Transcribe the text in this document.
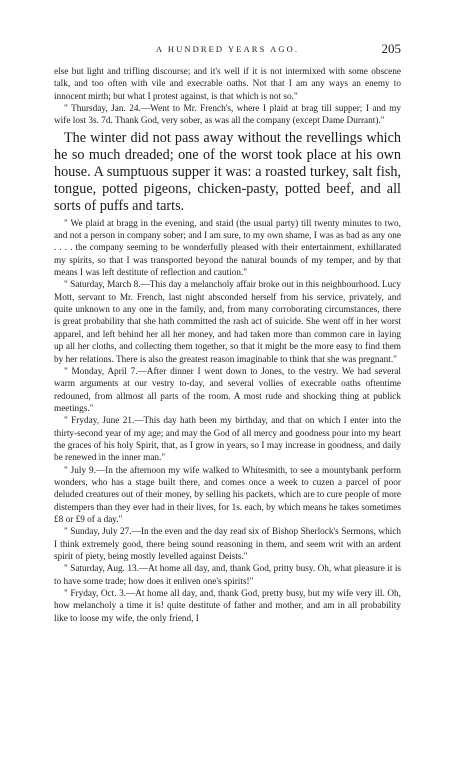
A HUNDRED YEARS AGO.	205

else but light and trifling discourse; and it's well if it is not intermixed with some obscene talk, and too often with vile and execrable oaths. Not that I am any ways an enemy to innocent mirth; but what I protest against, is that which is not so."

" Thursday, Jan. 24.—Went to Mr. French's, where I plaid at brag till supper; I and my wife lost 3s. 7d. Thank God, very sober, as was all the company (except Dame Durrant)."

The winter did not pass away without the revellings which he so much dreaded; one of the worst took place at his own house. A sumptuous supper it was: a roasted turkey, salt fish, tongue, potted pigeons, chicken-pasty, potted beef, and all sorts of puffs and tarts.

" We plaid at bragg in the evening, and staid (the usual party) till twenty minutes to two, and not a person in company sober; and I am sure, to my own shame, I was as bad as any one . . . . the company seeming to be wonderfully pleased with their entertainment, exhillarated my spirits, so that I was transported beyond the natural bounds of my temper, and by that means I was left destitute of reflection and caution."

" Saturday, March 8.—This day a melancholy affair broke out in this neighbourhood. Lucy Mott, servant to Mr. French, last night absconded herself from his service, privately, and quite unknown to any one in the family, and, from many corroborating circumstances, there is great probability that she hath committed the rash act of suicide. She went off in her worst apparel, and left behind her all her money, and had taken more than common care in laying up all her cloths, and collecting them together, so that it might be the more easy to find them by her relations. There is also the greatest reason imaginable to think that she was pregnant."

" Monday, April 7.—After dinner I went down to Jones, to the vestry. We had several warm arguments at our vestry to-day, and several vollies of execrable oaths oftentime redouned, from allmost all parts of the room. A most rude and shocking thing at publick meetings."

" Fryday, June 21.—This day hath been my birthday, and that on which I enter into the thirty-second year of my age; and may the God of all mercy and goodness pour into my heart the graces of his holy Spirit, that, as I grow in years, so I may increase in goodness, and daily be renewed in the inner man."

" July 9.—In the afternoon my wife walked to Whitesmith, to see a mountybank perform wonders, who has a stage built there, and comes once a week to cuzen a parcel of poor deluded creatures out of their money, by selling his packets, which are to cure people of more distempers than they ever had in their lives, for 1s. each, by which means he takes sometimes £8 or £9 of a day."

" Sunday, July 27.—In the even and the day read six of Bishop Sherlock's Sermons, which I think extremely good, there being sound reasoning in them, and seem writ with an ardent spirit of piety, being mostly levelled against Deists."

" Saturday, Aug. 13.—At home all day, and, thank God, pritty busy. Oh, what pleasure it is to have some trade; how does it enliven one's spirits!"

" Fryday, Oct. 3.—At home all day, and, thank God, pretty busy, but my wife very ill. Oh, how melancholy a time it is! quite destitute of father and mother, and am in all probability like to loose my wife, the only friend, I
